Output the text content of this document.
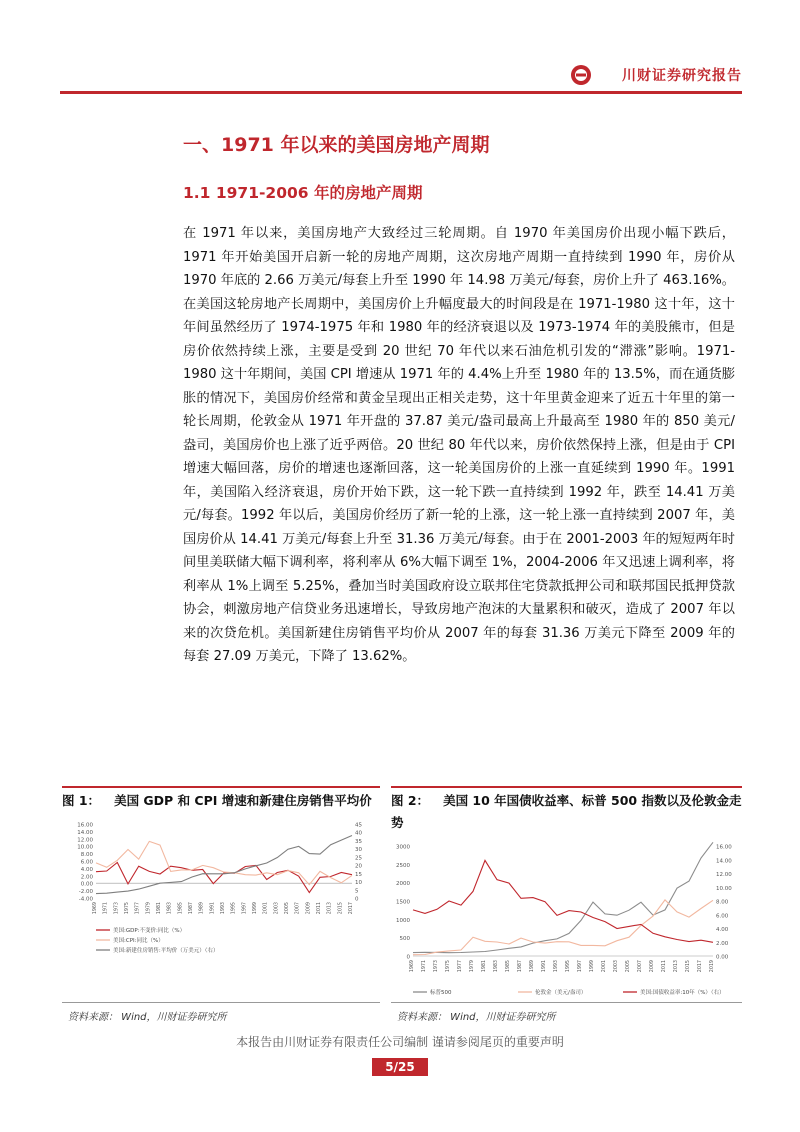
川财证券研究报告
一、1971 年以来的美国房地产周期
1.1 1971-2006 年的房地产周期
在 1971 年以来，美国房地产大致经过三轮周期。自 1970 年美国房价出现小幅下跌后，1971 年开始美国开启新一轮的房地产周期，这次房地产周期一直持续到 1990 年，房价从 1970 年底的 2.66 万美元/每套上升至 1990 年 14.98 万美元/每套，房价上升了 463.16%。在美国这轮房地产长周期中，美国房价上升幅度最大的时间段是在 1971-1980 这十年，这十年间虽然经历了 1974-1975 年和 1980 年的经济衰退以及 1973-1974 年的美股熊市，但是房价依然持续上涨，主要是受到 20 世纪 70 年代以来石油危机引发的“滞涨”影响。1971-1980 这十年期间，美国 CPI 增速从 1971 年的 4.4%上升至 1980 年的 13.5%，而在通货膨胀的情况下，美国房价经常和黄金呈现出正相关走势，这十年里黄金迎来了近五十年里的第一轮长周期，伦敦金从 1971 年开盘的 37.87 美元/盎司最高上升最高至 1980 年的 850 美元/盎司，美国房价也上涨了近乎两倍。20 世纪 80 年代以来，房价依然保持上涨，但是由于 CPI 增速大幅回落，房价的增速也逐渐回落，这一轮美国房价的上涨一直延续到 1990 年。1991 年，美国陷入经济衰退，房价开始下跌，这一轮下跌一直持续到 1992 年，跌至 14.41 万美元/每套。1992 年以后，美国房价经历了新一轮的上涨，这一轮上涨一直持续到 2007 年，美国房价从 14.41 万美元/每套上升至 31.36 万美元/每套。由于在 2001-2003 年的短短两年时间里美联储大幅下调利率，将利率从 6%大幅下调至 1%，2004-2006 年又迅速上调利率，将利率从 1%上调至 5.25%，叠加当时美国政府设立联邦住宅贷款抵押公司和联邦国民抵押贷款协会，刺激房地产信贷业务迅速增长，导致房地产泡沫的大量累积和破灭，造成了 2007 年以来的次贷危机。美国新建住房销售平均价从 2007 年的每套 31.36 万美元下降至 2009 年的每套 27.09 万美元，下降了 13.62%。
图 1： 美国 GDP 和 CPI 增速和新建住房销售平均价
16.00
14.00
12.00
10.00
8.00
6.00
4.00
2.00
0.00
-2.00
-4.00
45
40
35
30
25
20
15
10
5
0
1969 1971 1973 1975 1977 1979 1981 1983 1985 1987 1989 1991 1993 1995 1997 1999 2001 2003 2005 2007 2009 2011 2013 2015 2017
美国:GDP:不变价:同比（%）
美国:CPI:同比（%）
美国:新建住房销售:平均价（万美元）（右）
图 2： 美国 10 年国债收益率、标普 500 指数以及伦敦金走势
3000
2500
2000
1500
1000
500
0
16.00
14.00
12.00
10.00
8.00
6.00
4.00
2.00
0.00
1969 1971 1973 1975 1977 1979 1981 1983 1985 1987 1989 1991 1993 1995 1997 1999 2001 2003 2005 2007 2009 2011 2013 2015 2017 2019
标普500	伦敦金（美元/盎司）	美国:国债收益率:10年（%）（右）
资料来源： Wind，川财证券研究所	资料来源： Wind，川财证券研究所
本报告由川财证券有限责任公司编制 谨请参阅尾页的重要声明
5/25
